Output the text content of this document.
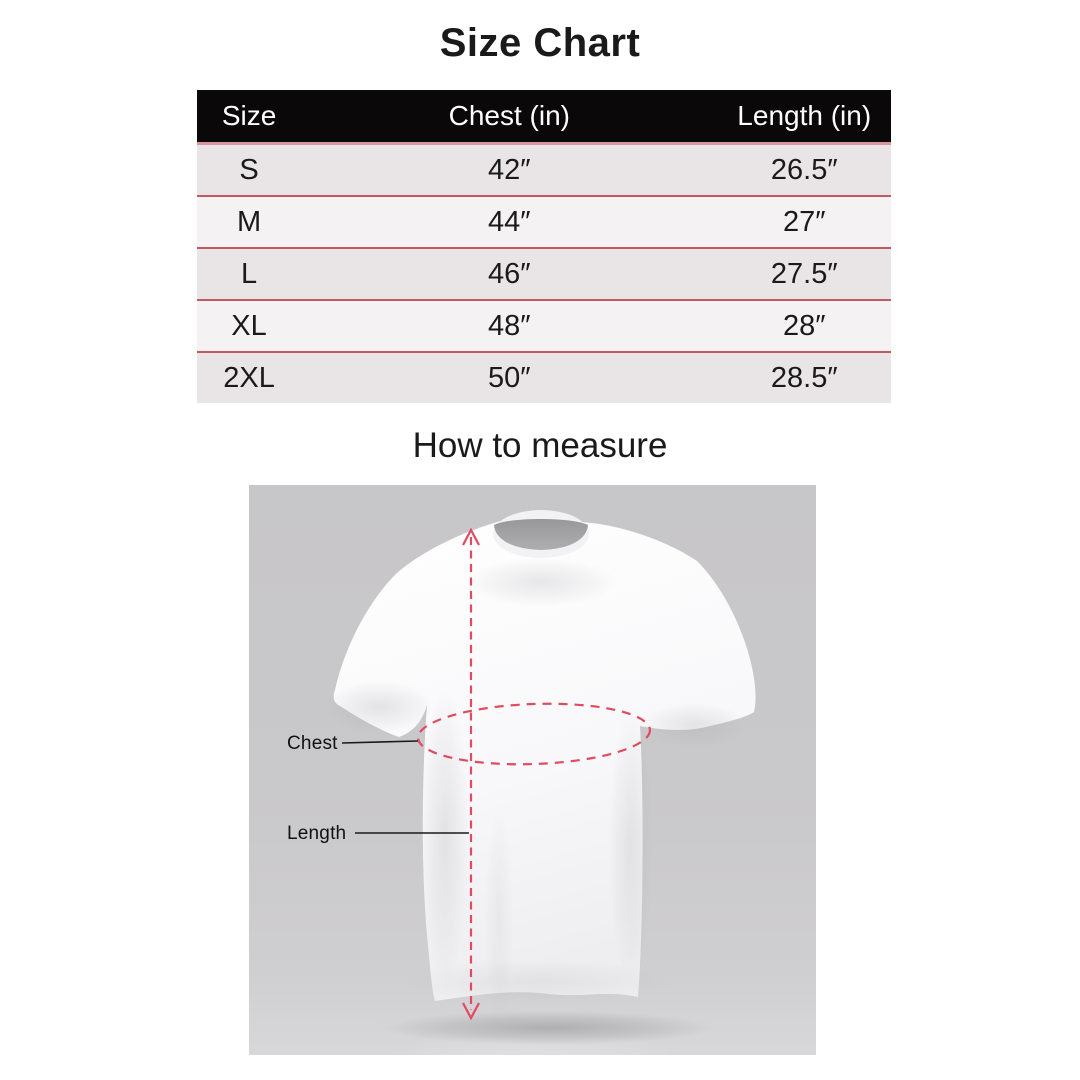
Size Chart
Size	Chest (in)	Length (in)
S	42″	26.5″
M	44″	27″
L	46″	27.5″
XL	48″	28″
2XL	50″	28.5″
How to measure
Chest
Length
